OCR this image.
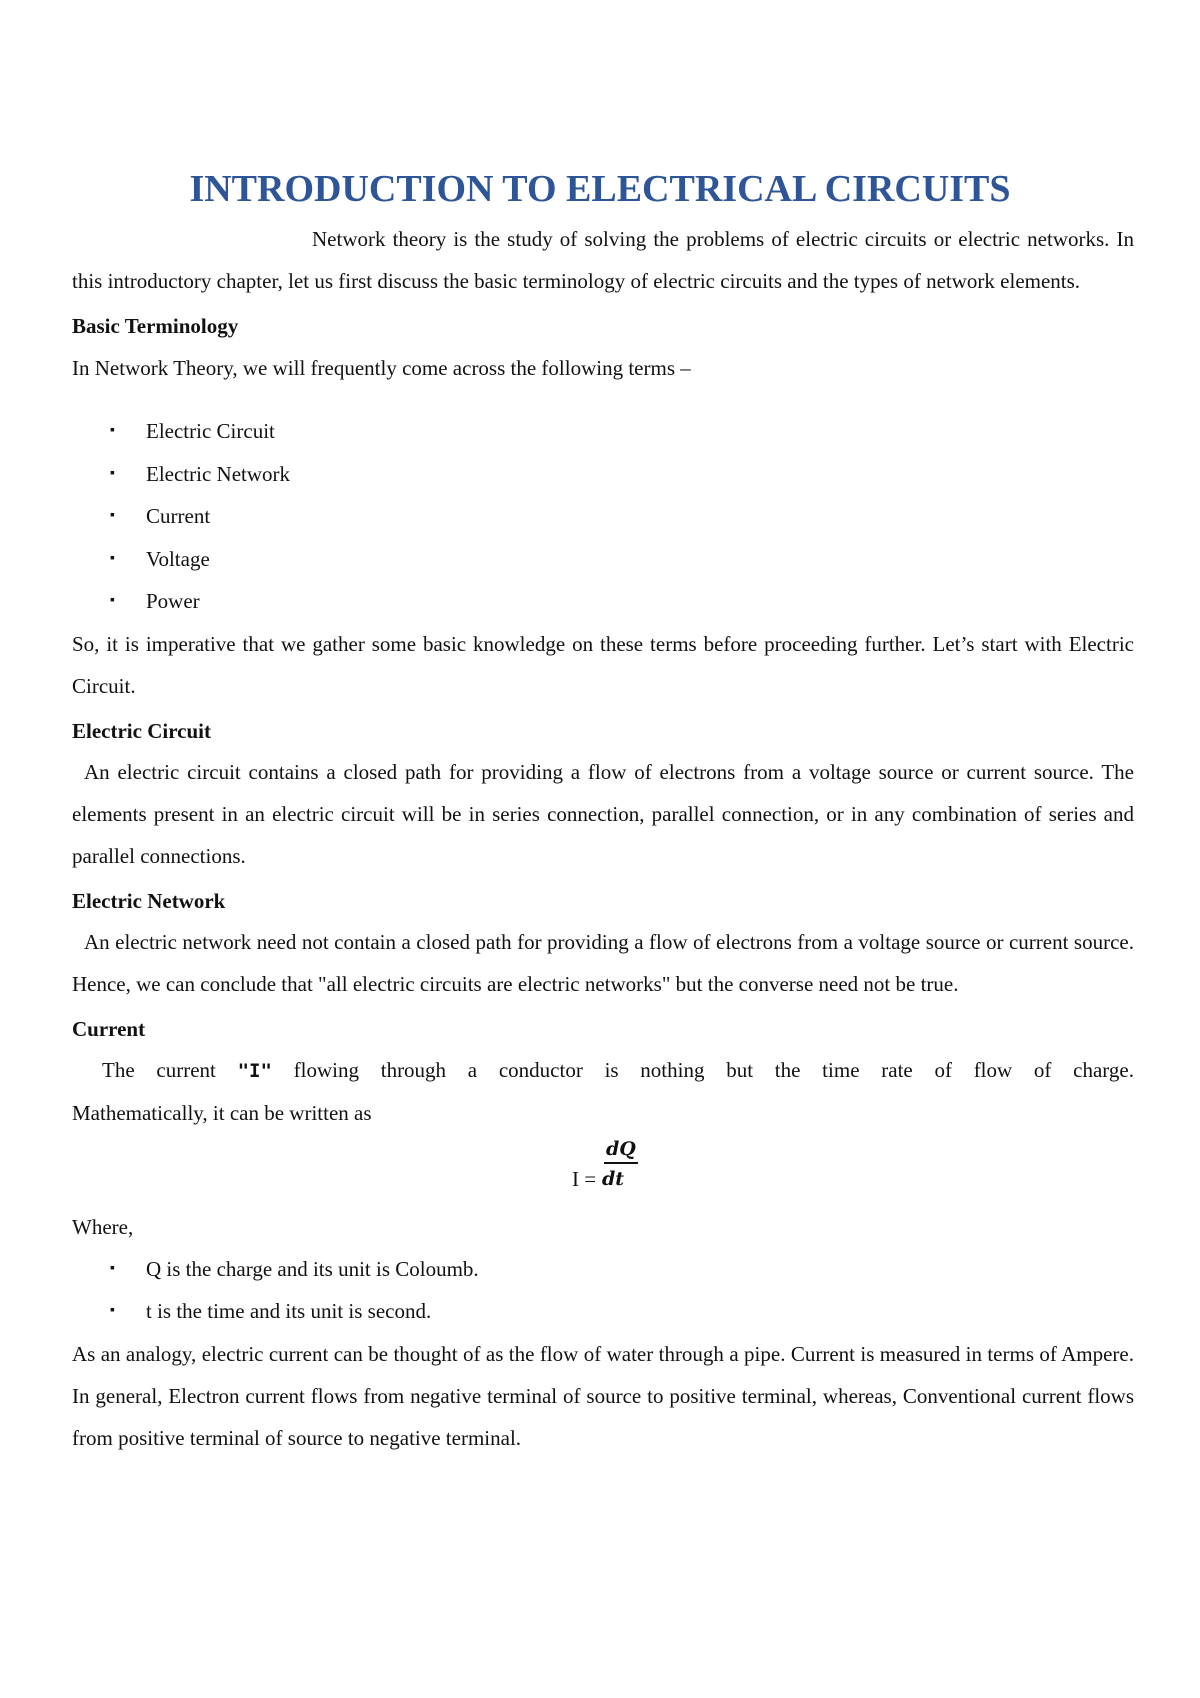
INTRODUCTION TO ELECTRICAL CIRCUITS

Network theory is the study of solving the problems of electric circuits or electric networks. In this introductory chapter, let us first discuss the basic terminology of electric circuits and the types of network elements.

Basic Terminology

In Network Theory, we will frequently come across the following terms –

▪ Electric Circuit
▪ Electric Network
▪ Current
▪ Voltage
▪ Power

So, it is imperative that we gather some basic knowledge on these terms before proceeding further. Let’s start with Electric Circuit.

Electric Circuit

An electric circuit contains a closed path for providing a flow of electrons from a voltage source or current source. The elements present in an electric circuit will be in series connection, parallel connection, or in any combination of series and parallel connections.

Electric Network

An electric network need not contain a closed path for providing a flow of electrons from a voltage source or current source. Hence, we can conclude that "all electric circuits are electric networks" but the converse need not be true.

Current

The current "I" flowing through a conductor is nothing but the time rate of flow of charge.

Mathematically, it can be written as

dQ
I = dt

Where,

▪ Q is the charge and its unit is Coloumb.
▪ t is the time and its unit is second.

As an analogy, electric current can be thought of as the flow of water through a pipe. Current is measured in terms of Ampere. In general, Electron current flows from negative terminal of source to positive terminal, whereas, Conventional current flows from positive terminal of source to negative terminal.
